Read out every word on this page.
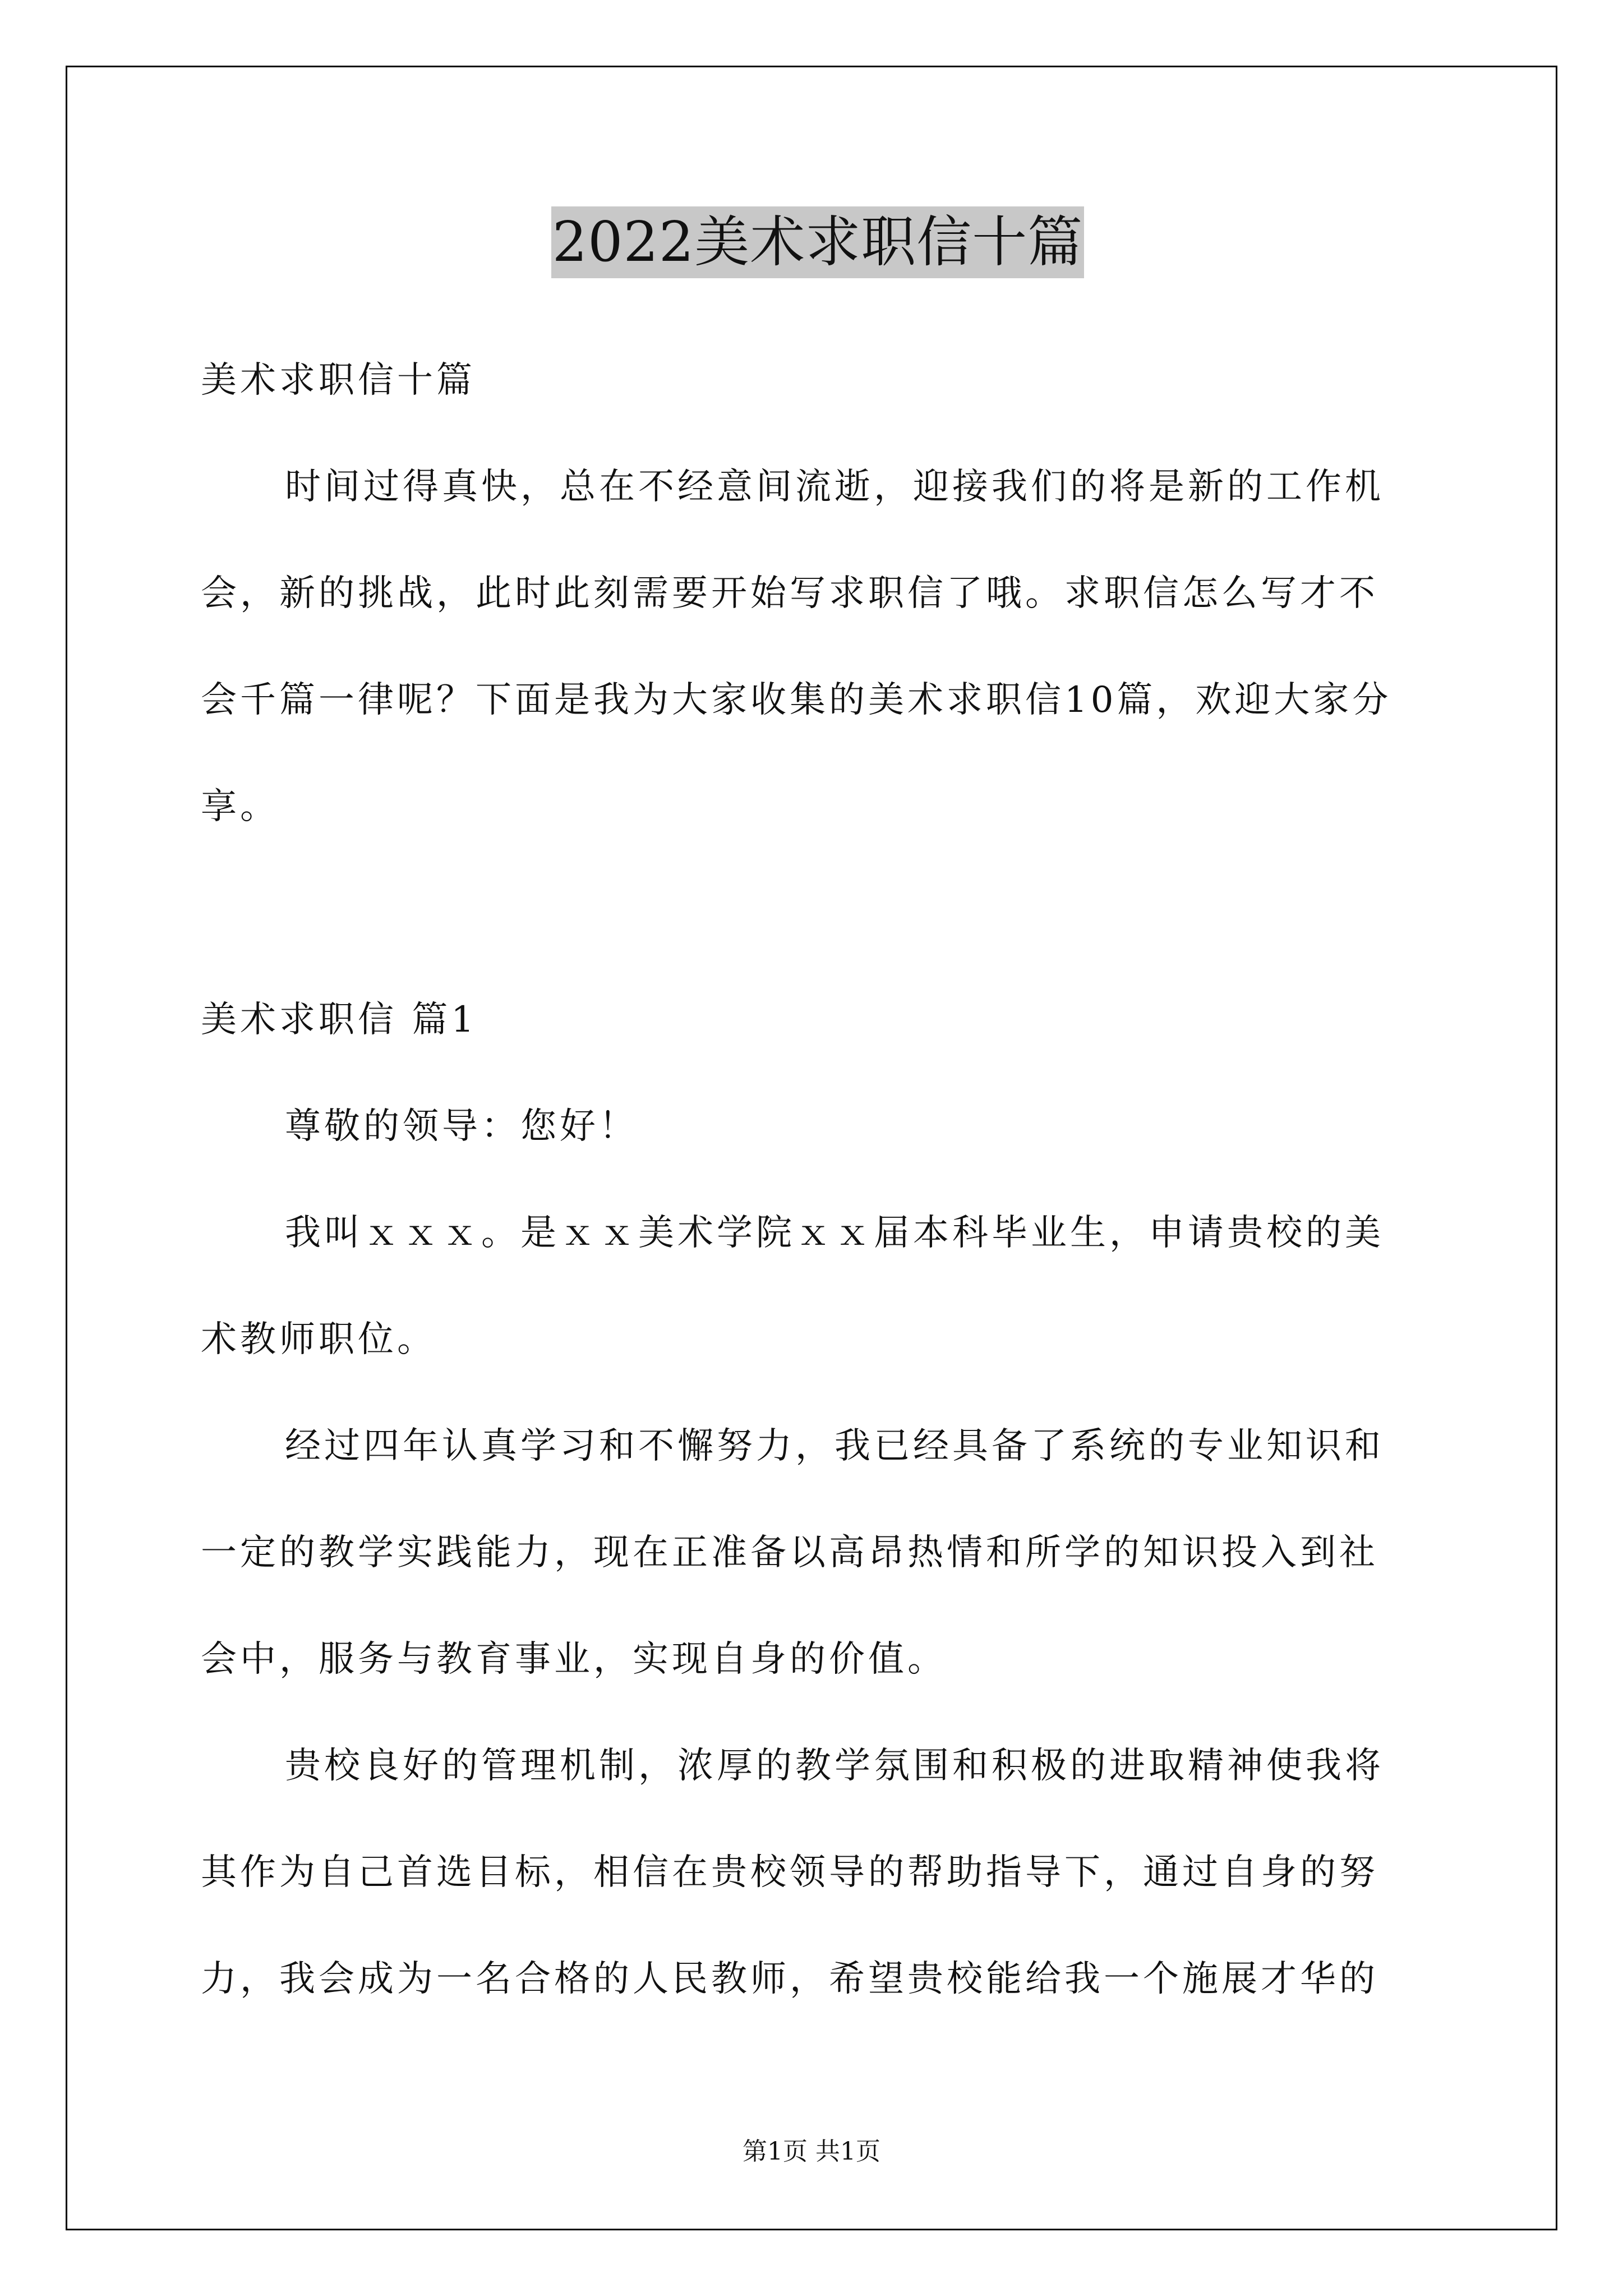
2022美术求职信十篇
美术求职信十篇
时间过得真快，总在不经意间流逝，迎接我们的将是新的工作机
会，新的挑战，此时此刻需要开始写求职信了哦。求职信怎么写才不
会千篇一律呢？下面是我为大家收集的美术求职信10篇，欢迎大家分
享。
美术求职信 篇1
尊敬的领导：您好！
我叫ｘｘｘ。是ｘｘ美术学院ｘｘ届本科毕业生，申请贵校的美
术教师职位。
经过四年认真学习和不懈努力，我已经具备了系统的专业知识和
一定的教学实践能力，现在正准备以高昂热情和所学的知识投入到社
会中，服务与教育事业，实现自身的价值。
贵校良好的管理机制，浓厚的教学氛围和积极的进取精神使我将
其作为自己首选目标，相信在贵校领导的帮助指导下，通过自身的努
力，我会成为一名合格的人民教师，希望贵校能给我一个施展才华的
第1页 共1页
